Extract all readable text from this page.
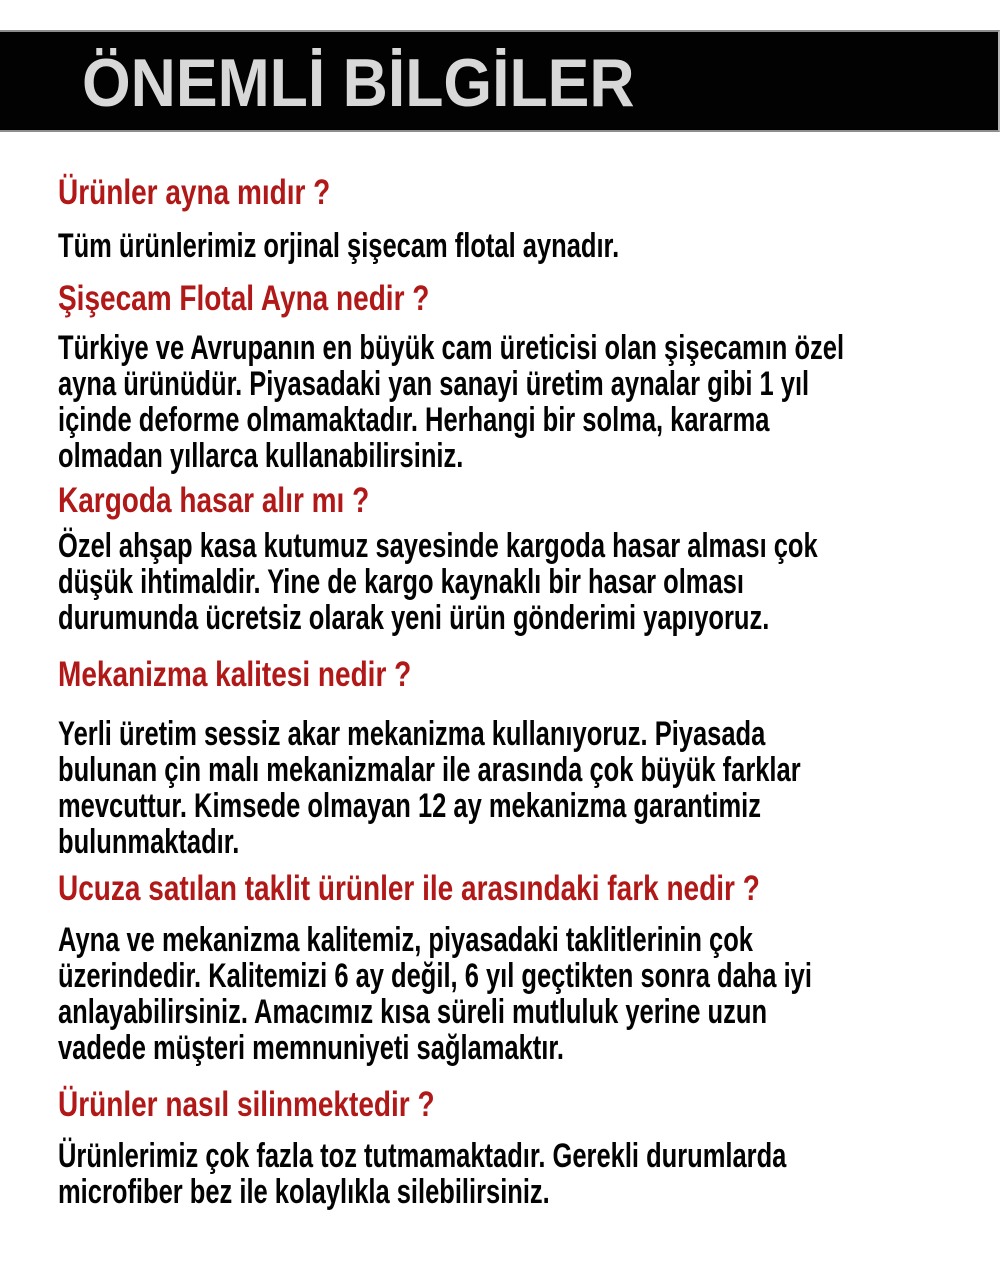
ÖNEMLİ BİLGİLER
Ürünler ayna mıdır ?
Tüm ürünlerimiz orjinal şişecam flotal aynadır.
Şişecam Flotal Ayna nedir ?
Türkiye ve Avrupanın en büyük cam üreticisi olan şişecamın özel
ayna ürünüdür. Piyasadaki yan sanayi üretim aynalar gibi 1 yıl
içinde deforme olmamaktadır. Herhangi bir solma, kararma
olmadan yıllarca kullanabilirsiniz.
Kargoda hasar alır mı ?
Özel ahşap kasa kutumuz sayesinde kargoda hasar alması çok
düşük ihtimaldir. Yine de kargo kaynaklı bir hasar olması
durumunda ücretsiz olarak yeni ürün gönderimi yapıyoruz.
Mekanizma kalitesi nedir ?
Yerli üretim sessiz akar mekanizma kullanıyoruz. Piyasada
bulunan çin malı mekanizmalar ile arasında çok büyük farklar
mevcuttur. Kimsede olmayan 12 ay mekanizma garantimiz
bulunmaktadır.
Ucuza satılan taklit ürünler ile arasındaki fark nedir ?
Ayna ve mekanizma kalitemiz, piyasadaki taklitlerinin çok
üzerindedir. Kalitemizi 6 ay değil, 6 yıl geçtikten sonra daha iyi
anlayabilirsiniz. Amacımız kısa süreli mutluluk yerine uzun
vadede müşteri memnuniyeti sağlamaktır.
Ürünler nasıl silinmektedir ?
Ürünlerimiz çok fazla toz tutmamaktadır. Gerekli durumlarda
microfiber bez ile kolaylıkla silebilirsiniz.
